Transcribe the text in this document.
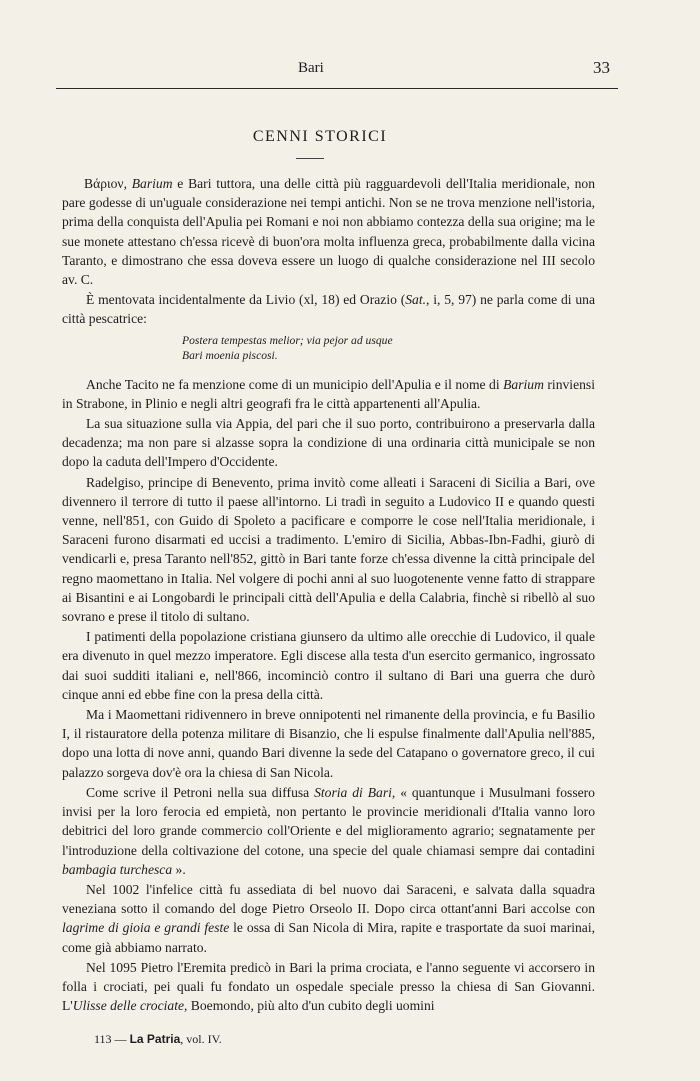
Bari	33
CENNI STORICI

Βάριον, Barium e Bari tuttora, una delle città più ragguardevoli dell'Italia meridionale, non pare godesse di un'uguale considerazione nei tempi antichi. Non se ne trova menzione nell'istoria, prima della conquista dell'Apulia pei Romani e noi non abbiamo contezza della sua origine; ma le sue monete attestano ch'essa ricevè di buon'ora molta influenza greca, probabilmente dalla vicina Taranto, e dimostrano che essa doveva essere un luogo di qualche considerazione nel III secolo av. C.

È mentovata incidentalmente da Livio (xl, 18) ed Orazio (Sat., i, 5, 97) ne parla come di una città pescatrice:

Postera tempestas melior; via pejor ad usque
Bari moenia piscosi.

Anche Tacito ne fa menzione come di un municipio dell'Apulia e il nome di Barium rinviensi in Strabone, in Plinio e negli altri geografi fra le città appartenenti all'Apulia.

La sua situazione sulla via Appia, del pari che il suo porto, contribuirono a preservarla dalla decadenza; ma non pare si alzasse sopra la condizione di una ordinaria città municipale se non dopo la caduta dell'Impero d'Occidente.

Radelgiso, principe di Benevento, prima invitò come alleati i Saraceni di Sicilia a Bari, ove divennero il terrore di tutto il paese all'intorno. Li tradì in seguito a Ludovico II e quando questi venne, nell'851, con Guido di Spoleto a pacificare e comporre le cose nell'Italia meridionale, i Saraceni furono disarmati ed uccisi a tradimento. L'emiro di Sicilia, Abbas-Ibn-Fadhi, giurò di vendicarli e, presa Taranto nell'852, gittò in Bari tante forze ch'essa divenne la città principale del regno maomettano in Italia. Nel volgere di pochi anni al suo luogotenente venne fatto di strappare ai Bisantini e ai Longobardi le principali città dell'Apulia e della Calabria, finchè si ribellò al suo sovrano e prese il titolo di sultano.

I patimenti della popolazione cristiana giunsero da ultimo alle orecchie di Ludovico, il quale era divenuto in quel mezzo imperatore. Egli discese alla testa d'un esercito germanico, ingrossato dai suoi sudditi italiani e, nell'866, incominciò contro il sultano di Bari una guerra che durò cinque anni ed ebbe fine con la presa della città.

Ma i Maomettani ridivennero in breve onnipotenti nel rimanente della provincia, e fu Basilio I, il ristauratore della potenza militare di Bisanzio, che li espulse finalmente dall'Apulia nell'885, dopo una lotta di nove anni, quando Bari divenne la sede del Catapano o governatore greco, il cui palazzo sorgeva dov'è ora la chiesa di San Nicola.

Come scrive il Petroni nella sua diffusa Storia di Bari, « quantunque i Musulmani fossero invisi per la loro ferocia ed empietà, non pertanto le provincie meridionali d'Italia vanno loro debitrici del loro grande commercio coll'Oriente e del miglioramento agrario; segnatamente per l'introduzione della coltivazione del cotone, una specie del quale chiamasi sempre dai contadini bambagia turchesca ».

Nel 1002 l'infelice città fu assediata di bel nuovo dai Saraceni, e salvata dalla squadra veneziana sotto il comando del doge Pietro Orseolo II. Dopo circa ottant'anni Bari accolse con lagrime di gioia e grandi feste le ossa di San Nicola di Mira, rapite e trasportate da suoi marinai, come già abbiamo narrato.

Nel 1095 Pietro l'Eremita predicò in Bari la prima crociata, e l'anno seguente vi accorsero in folla i crociati, pei quali fu fondato un ospedale speciale presso la chiesa di San Giovanni. L'Ulisse delle crociate, Boemondo, più alto d'un cubito degli uomini

113 — La Patria, vol. IV.
